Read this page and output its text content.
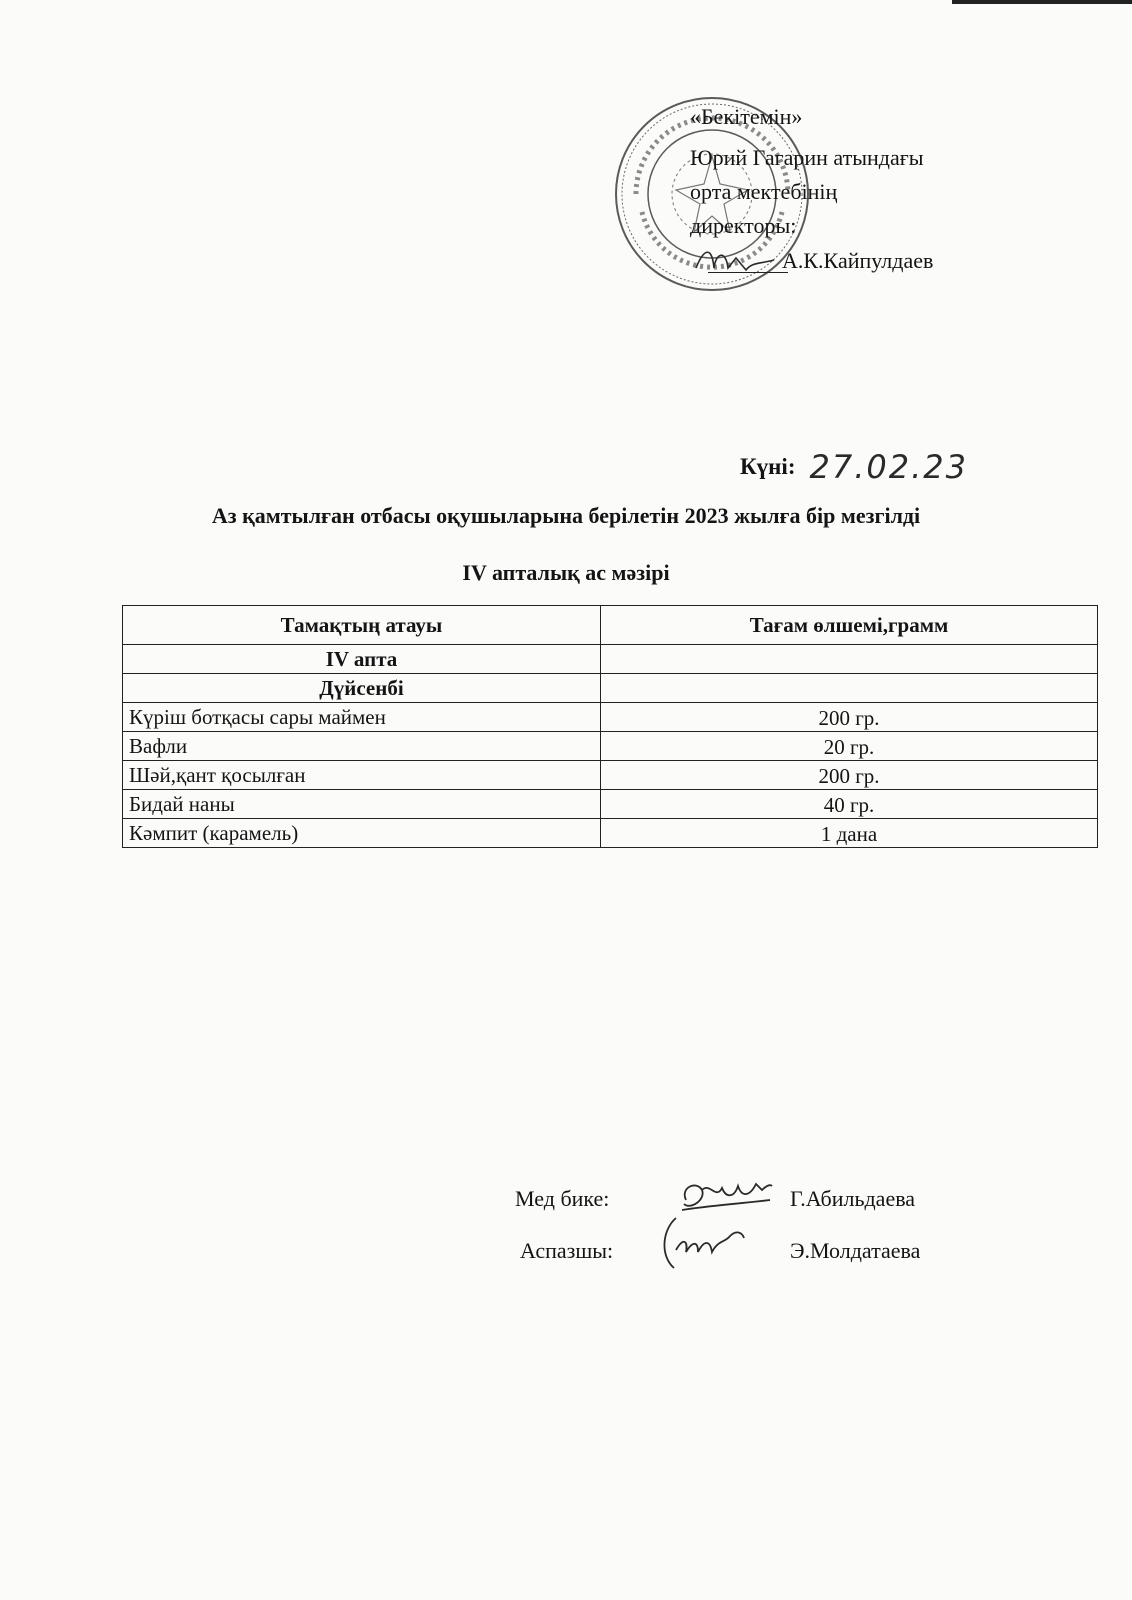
«Бекітемін»
Юрий Гагарин атындағы
орта мектебінің
директоры:
А.К.Кайпулдаев
Күні: 27.02.23
Аз қамтылған отбасы оқушыларына берілетін 2023 жылға бір мезгілді
IV апталық ас мәзірі
Тамақтың атауы	Тағам өлшемі,грамм
IV апта	
Дүйсенбі	
Күріш ботқасы сары маймен	200 гр.
Вафли	20 гр.
Шәй,қант қосылған	200 гр.
Бидай наны	40 гр.
Кәмпит (карамель)	1 дана
Мед бике:	Г.Абильдаева
Аспазшы:	Э.Молдатаева
